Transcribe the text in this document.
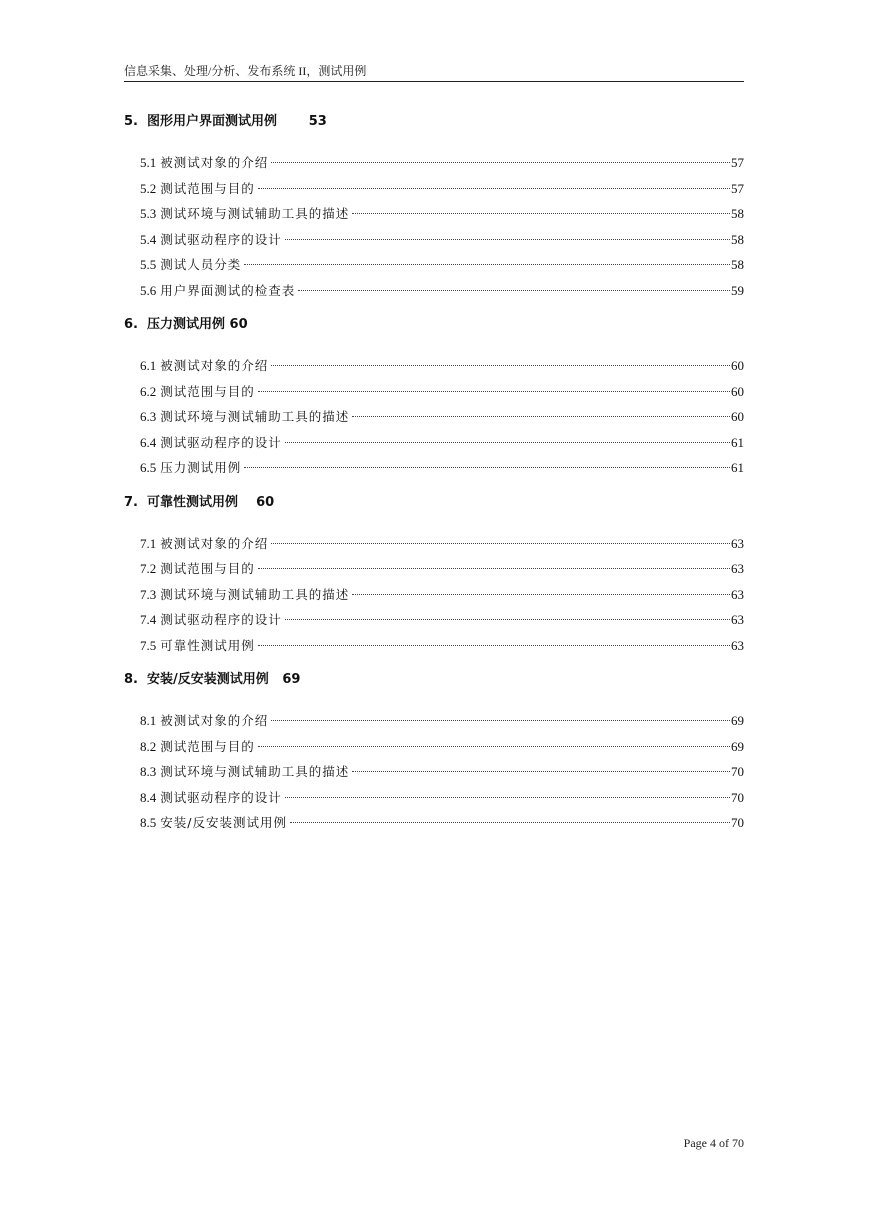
信息采集、处理/分析、发布系统 II，测试用例
5.  图形用户界面测试用例       53
5.1 被测试对象的介绍	57
5.2 测试范围与目的	57
5.3 测试环境与测试辅助工具的描述	58
5.4 测试驱动程序的设计	58
5.5 测试人员分类	58
5.6 用户界面测试的检查表	59
6.  压力测试用例 60
6.1 被测试对象的介绍	60
6.2 测试范围与目的	60
6.3 测试环境与测试辅助工具的描述	60
6.4 测试驱动程序的设计	61
6.5 压力测试用例	61
7.  可靠性测试用例    60
7.1 被测试对象的介绍	63
7.2 测试范围与目的	63
7.3 测试环境与测试辅助工具的描述	63
7.4 测试驱动程序的设计	63
7.5 可靠性测试用例	63
8.  安装/反安装测试用例   69
8.1 被测试对象的介绍	69
8.2 测试范围与目的	69
8.3 测试环境与测试辅助工具的描述	70
8.4 测试驱动程序的设计	70
8.5 安装/反安装测试用例	70
Page 4 of 70
